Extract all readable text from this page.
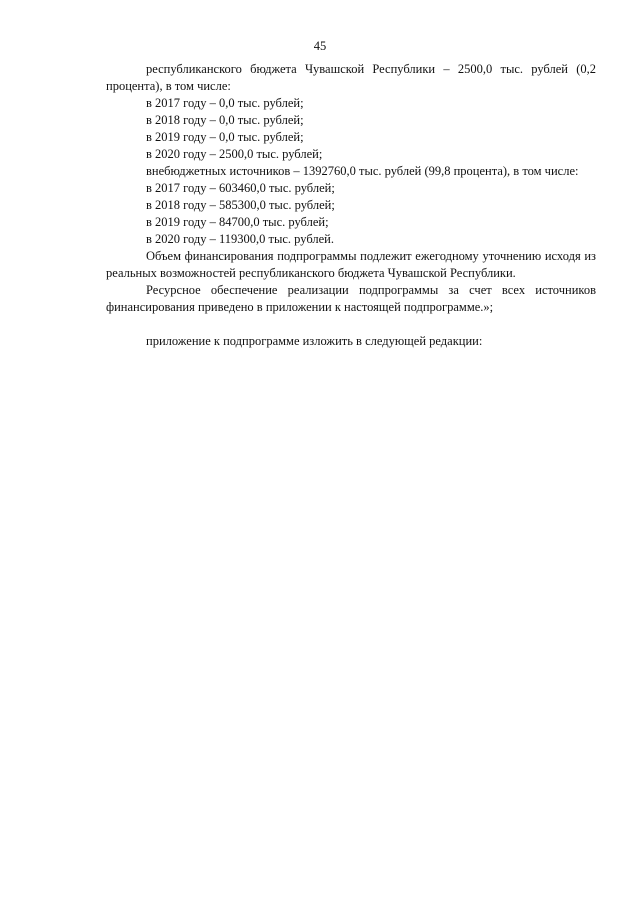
45

республиканского бюджета Чувашской Республики – 2500,0 тыс. рублей (0,2 процента), в том числе:

в 2017 году – 0,0 тыс. рублей;

в 2018 году – 0,0 тыс. рублей;

в 2019 году – 0,0 тыс. рублей;

в 2020 году – 2500,0 тыс. рублей;

внебюджетных источников – 1392760,0 тыс. рублей (99,8 процента), в том числе:

в 2017 году – 603460,0 тыс. рублей;

в 2018 году – 585300,0 тыс. рублей;

в 2019 году – 84700,0 тыс. рублей;

в 2020 году – 119300,0 тыс. рублей.

Объем финансирования подпрограммы подлежит ежегодному уточнению исходя из реальных возможностей республиканского бюджета Чувашской Республики.

Ресурсное обеспечение реализации подпрограммы за счет всех источников финансирования приведено в приложении к настоящей подпрограмме.»;

приложение к подпрограмме изложить в следующей редакции:
